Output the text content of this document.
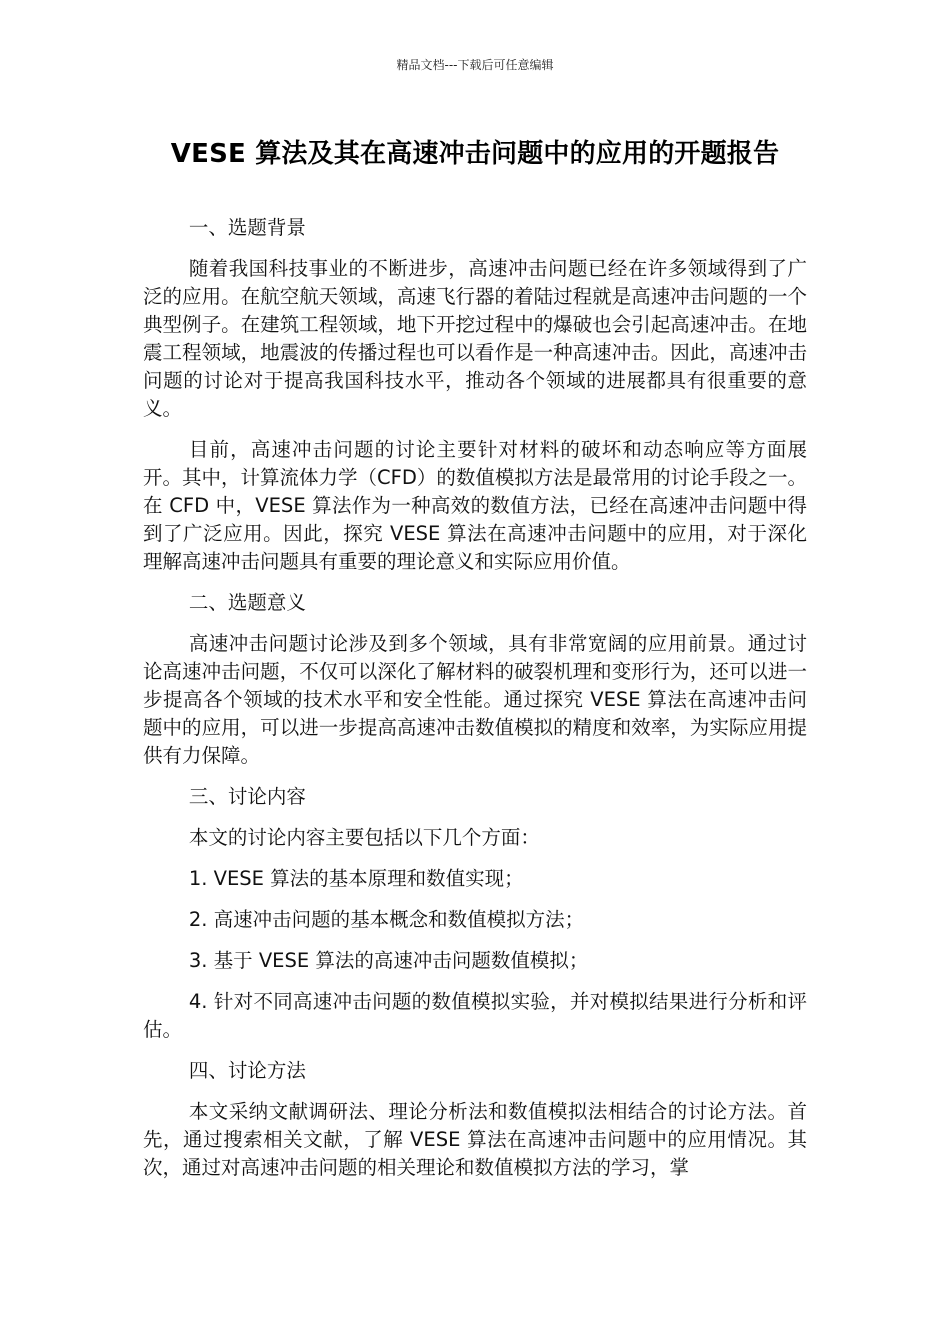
精品文档---下载后可任意编辑
VESE 算法及其在高速冲击问题中的应用的开题报告
一、选题背景

随着我国科技事业的不断进步，高速冲击问题已经在许多领域得到了广泛的应用。在航空航天领域，高速飞行器的着陆过程就是高速冲击问题的一个典型例子。在建筑工程领域，地下开挖过程中的爆破也会引起高速冲击。在地震工程领域，地震波的传播过程也可以看作是一种高速冲击。因此，高速冲击问题的讨论对于提高我国科技水平，推动各个领域的进展都具有很重要的意义。

目前，高速冲击问题的讨论主要针对材料的破坏和动态响应等方面展开。其中，计算流体力学（CFD）的数值模拟方法是最常用的讨论手段之一。在 CFD 中，VESE 算法作为一种高效的数值方法，已经在高速冲击问题中得到了广泛应用。因此，探究 VESE 算法在高速冲击问题中的应用，对于深化理解高速冲击问题具有重要的理论意义和实际应用价值。

二、选题意义

高速冲击问题讨论涉及到多个领域，具有非常宽阔的应用前景。通过讨论高速冲击问题，不仅可以深化了解材料的破裂机理和变形行为，还可以进一步提高各个领域的技术水平和安全性能。通过探究 VESE 算法在高速冲击问题中的应用，可以进一步提高高速冲击数值模拟的精度和效率，为实际应用提供有力保障。

三、讨论内容

本文的讨论内容主要包括以下几个方面：

1. VESE 算法的基本原理和数值实现；

2. 高速冲击问题的基本概念和数值模拟方法；

3. 基于 VESE 算法的高速冲击问题数值模拟；

4. 针对不同高速冲击问题的数值模拟实验，并对模拟结果进行分析和评估。

四、讨论方法

本文采纳文献调研法、理论分析法和数值模拟法相结合的讨论方法。首先，通过搜索相关文献，了解 VESE 算法在高速冲击问题中的应用情况。其次，通过对高速冲击问题的相关理论和数值模拟方法的学习，掌
